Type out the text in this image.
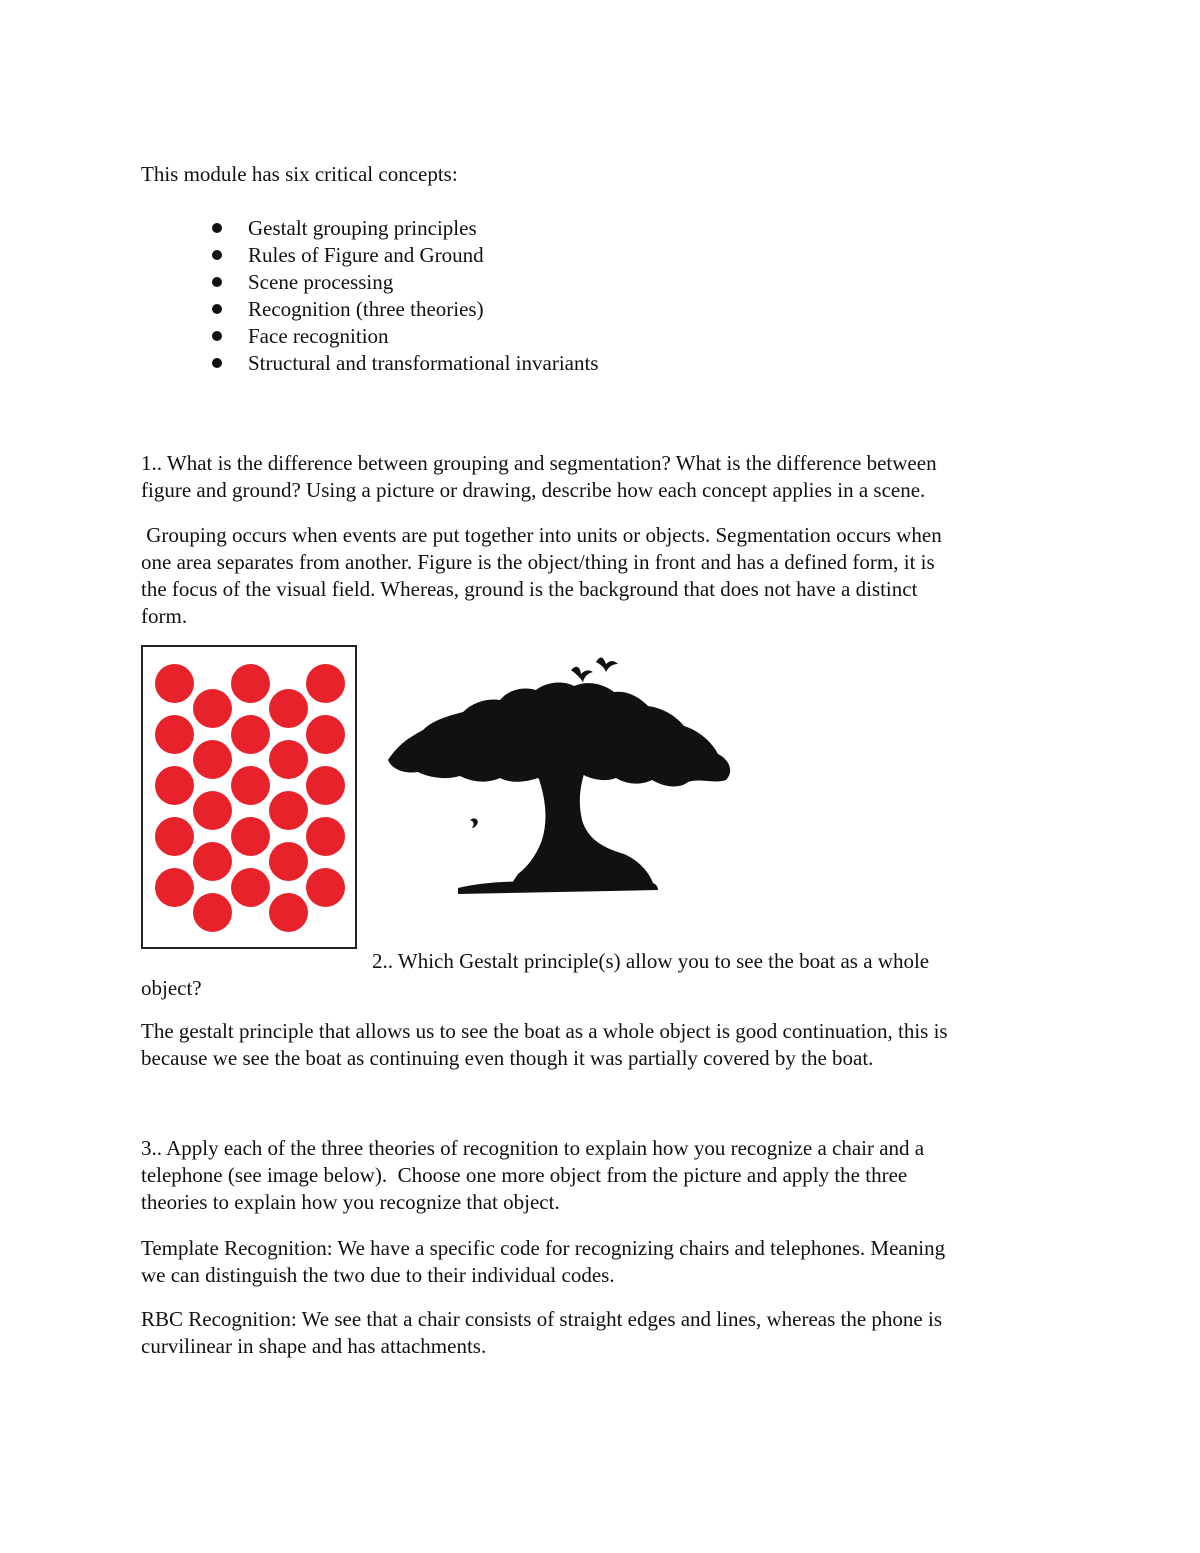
This module has six critical concepts:

Gestalt grouping principles
Rules of Figure and Ground
Scene processing
Recognition (three theories)
Face recognition
Structural and transformational invariants
1.. What is the difference between grouping and segmentation? What is the difference between
figure and ground? Using a picture or drawing, describe how each concept applies in a scene.
Grouping occurs when events are put together into units or objects. Segmentation occurs when
one area separates from another. Figure is the object/thing in front and has a defined form, it is
the focus of the visual field. Whereas, ground is the background that does not have a distinct
form.
2.. Which Gestalt principle(s) allow you to see the boat as a whole
object?
The gestalt principle that allows us to see the boat as a whole object is good continuation, this is
because we see the boat as continuing even though it was partially covered by the boat.
3.. Apply each of the three theories of recognition to explain how you recognize a chair and a
telephone (see image below).  Choose one more object from the picture and apply the three
theories to explain how you recognize that object.
Template Recognition: We have a specific code for recognizing chairs and telephones. Meaning
we can distinguish the two due to their individual codes.
RBC Recognition: We see that a chair consists of straight edges and lines, whereas the phone is
curvilinear in shape and has attachments.
